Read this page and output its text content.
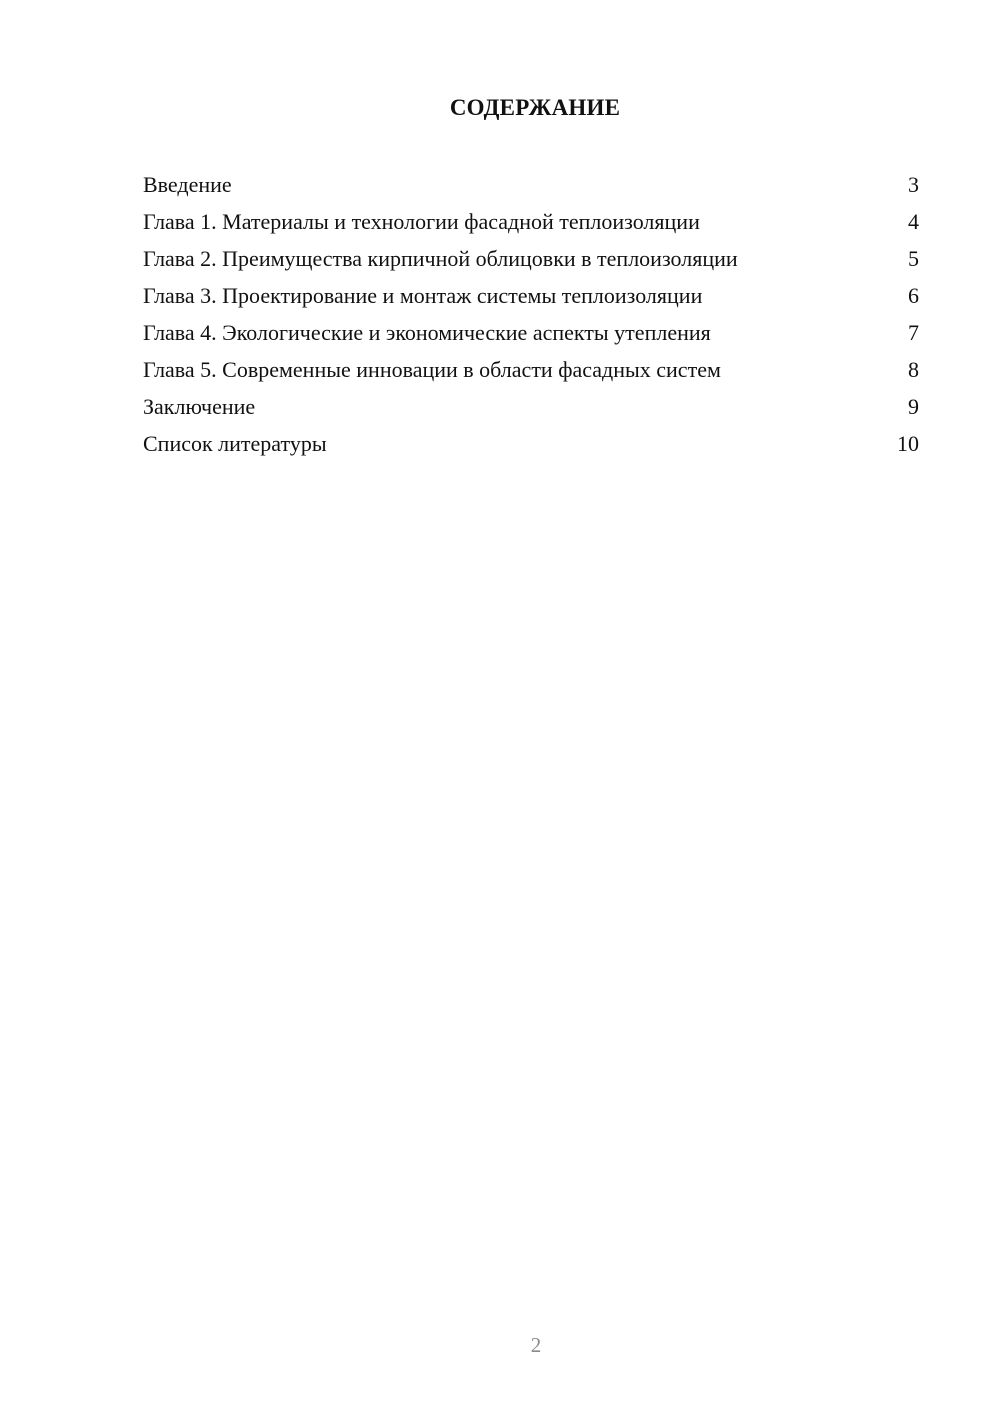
СОДЕРЖАНИЕ
Введение	3
Глава 1. Материалы и технологии фасадной теплоизоляции	4
Глава 2. Преимущества кирпичной облицовки в теплоизоляции	5
Глава 3. Проектирование и монтаж системы теплоизоляции	6
Глава 4. Экологические и экономические аспекты утепления	7
Глава 5. Современные инновации в области фасадных систем	8
Заключение	9
Список литературы	10
2
